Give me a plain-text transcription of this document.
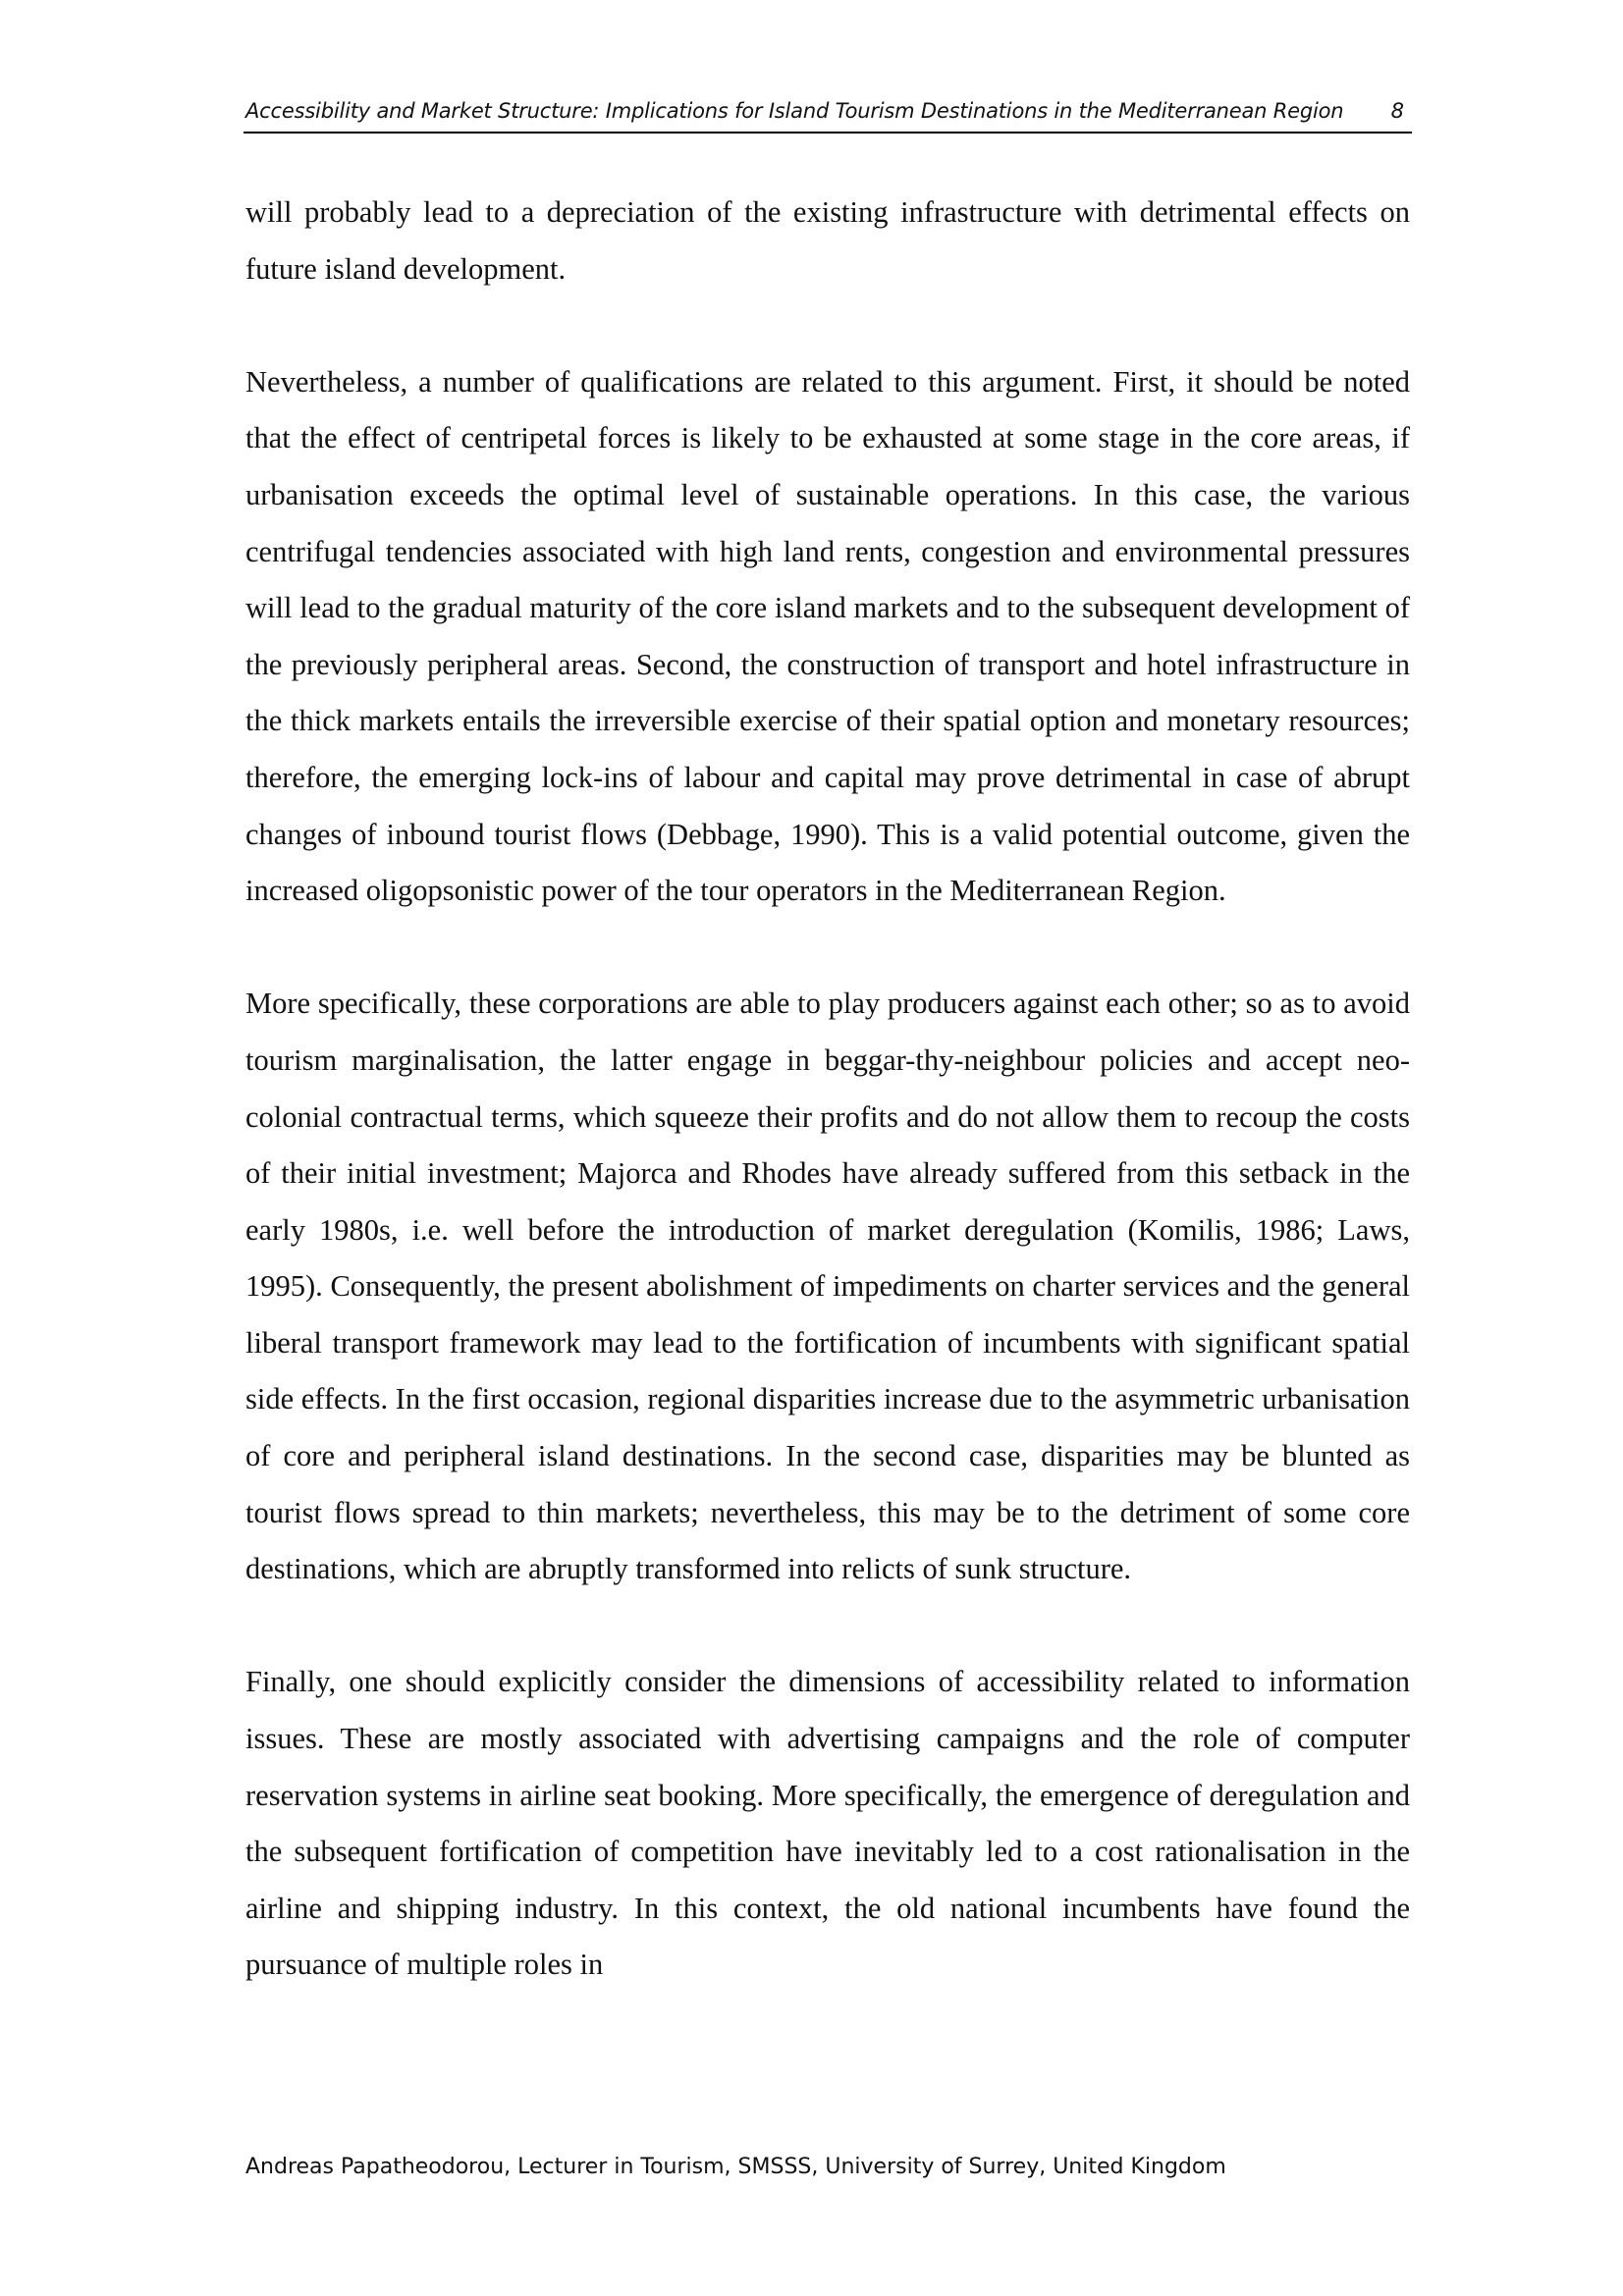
Accessibility and Market Structure: Implications for Island Tourism Destinations in the Mediterranean Region 8

will probably lead to a depreciation of the existing infrastructure with detrimental effects on future island development.

Nevertheless, a number of qualifications are related to this argument. First, it should be noted that the effect of centripetal forces is likely to be exhausted at some stage in the core areas, if urbanisation exceeds the optimal level of sustainable operations. In this case, the various centrifugal tendencies associated with high land rents, congestion and environmental pressures will lead to the gradual maturity of the core island markets and to the subsequent development of the previously peripheral areas. Second, the construction of transport and hotel infrastructure in the thick markets entails the irreversible exercise of their spatial option and monetary resources; therefore, the emerging lock-ins of labour and capital may prove detrimental in case of abrupt changes of inbound tourist flows (Debbage, 1990). This is a valid potential outcome, given the increased oligopsonistic power of the tour operators in the Mediterranean Region.

More specifically, these corporations are able to play producers against each other; so as to avoid tourism marginalisation, the latter engage in beggar-thy-neighbour policies and accept neo-colonial contractual terms, which squeeze their profits and do not allow them to recoup the costs of their initial investment; Majorca and Rhodes have already suffered from this setback in the early 1980s, i.e. well before the introduction of market deregulation (Komilis, 1986; Laws, 1995). Consequently, the present abolishment of impediments on charter services and the general liberal transport framework may lead to the fortification of incumbents with significant spatial side effects. In the first occasion, regional disparities increase due to the asymmetric urbanisation of core and peripheral island destinations. In the second case, disparities may be blunted as tourist flows spread to thin markets; nevertheless, this may be to the detriment of some core destinations, which are abruptly transformed into relicts of sunk structure.

Finally, one should explicitly consider the dimensions of accessibility related to information issues. These are mostly associated with advertising campaigns and the role of computer reservation systems in airline seat booking. More specifically, the emergence of deregulation and the subsequent fortification of competition have inevitably led to a cost rationalisation in the airline and shipping industry. In this context, the old national incumbents have found the pursuance of multiple roles in

Andreas Papatheodorou, Lecturer in Tourism, SMSSS, University of Surrey, United Kingdom
